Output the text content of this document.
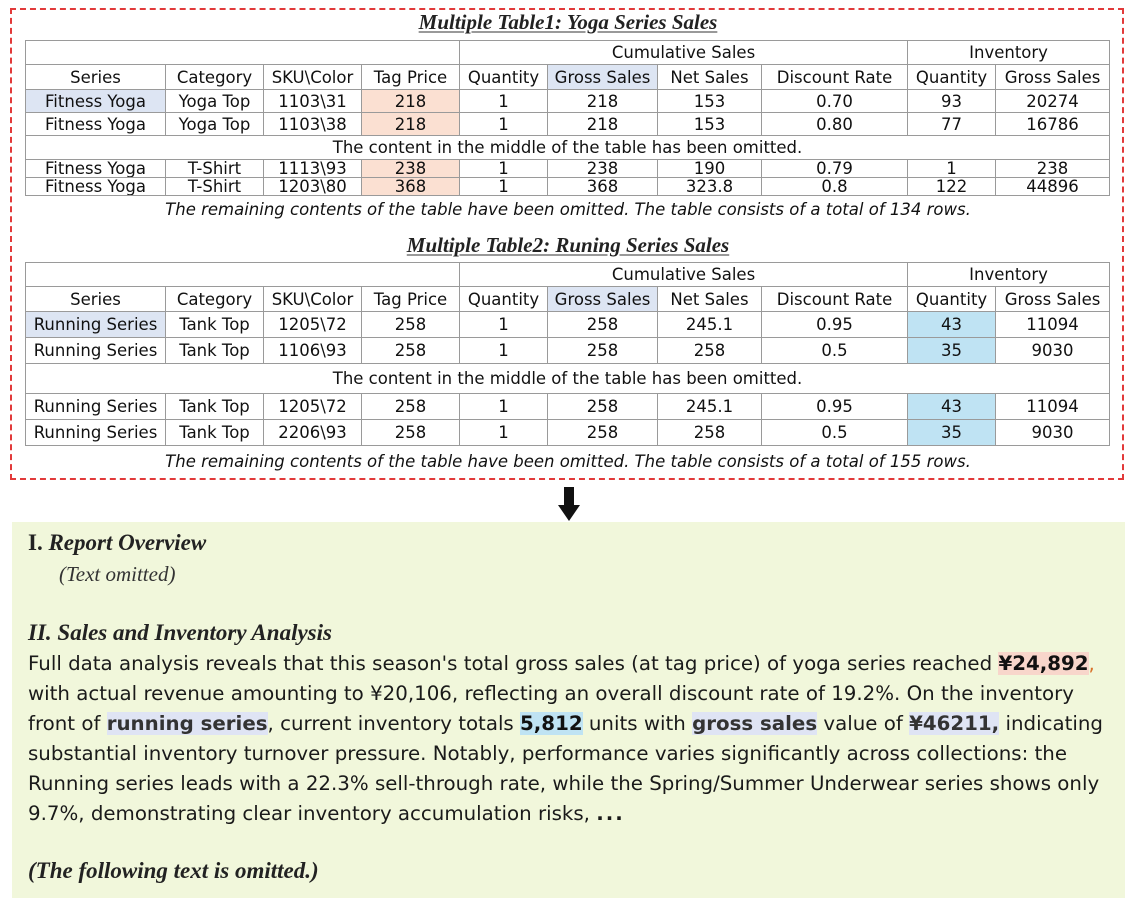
Multiple Table1: Yoga Series Sales
				Cumulative Sales				Inventory	
Series	Category	SKU\Color	Tag Price	Quantity	Gross Sales	Net Sales	Discount Rate	Quantity	Gross Sales
Fitness Yoga	Yoga Top	1103\31	218	1	218	153	0.70	93	20274
Fitness Yoga	Yoga Top	1103\38	218	1	218	153	0.80	77	16786
The content in the middle of the table has been omitted.									
Fitness Yoga	T-Shirt	1113\93	238	1	238	190	0.79	1	238
Fitness Yoga	T-Shirt	1203\80	368	1	368	323.8	0.8	122	44896
The remaining contents of the table have been omitted. The table consists of a total of 134 rows.
Multiple Table2: Runing Series Sales
				Cumulative Sales				Inventory	
Series	Category	SKU\Color	Tag Price	Quantity	Gross Sales	Net Sales	Discount Rate	Quantity	Gross Sales
Running Series	Tank Top	1205\72	258	1	258	245.1	0.95	43	11094
Running Series	Tank Top	1106\93	258	1	258	258	0.5	35	9030
The content in the middle of the table has been omitted.									
Running Series	Tank Top	1205\72	258	1	258	245.1	0.95	43	11094
Running Series	Tank Top	2206\93	258	1	258	258	0.5	35	9030
The remaining contents of the table have been omitted. The table consists of a total of 155 rows.
I. Report Overview
(Text omitted)
II. Sales and Inventory Analysis
Full data analysis reveals that this season's total gross sales (at tag price) of yoga series reached ¥24,892, with actual revenue amounting to ¥20,106, reflecting an overall discount rate of 19.2%. On the inventory front of running series, current inventory totals 5,812 units with gross sales value of ¥46211, indicating substantial inventory turnover pressure. Notably, performance varies significantly across collections: the Running series leads with a 22.3% sell-through rate, while the Spring/Summer Underwear series shows only 9.7%, demonstrating clear inventory accumulation risks, ...
(The following text is omitted.)
